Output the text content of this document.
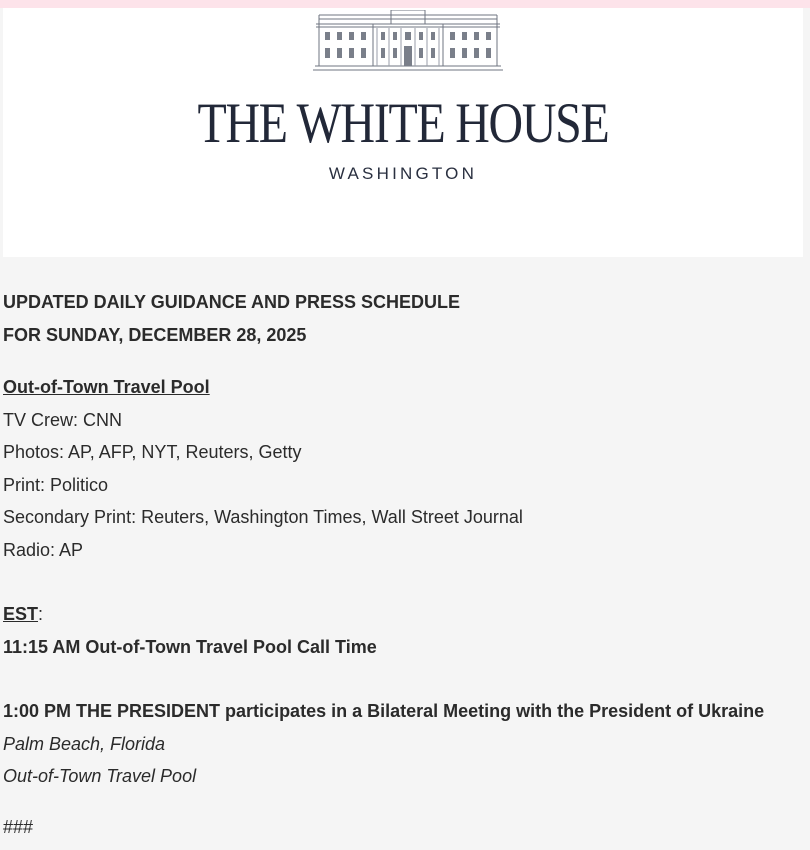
THE WHITE HOUSE
WASHINGTON

UPDATED DAILY GUIDANCE AND PRESS SCHEDULE

FOR SUNDAY, DECEMBER 28, 2025

Out-of-Town Travel Pool

TV Crew: CNN

Photos: AP, AFP, NYT, Reuters, Getty

Print: Politico

Secondary Print: Reuters, Washington Times, Wall Street Journal

Radio: AP

EST:

11:15 AM Out-of-Town Travel Pool Call Time

1:00 PM THE PRESIDENT participates in a Bilateral Meeting with the President of Ukraine

Palm Beach, Florida

Out-of-Town Travel Pool

###
